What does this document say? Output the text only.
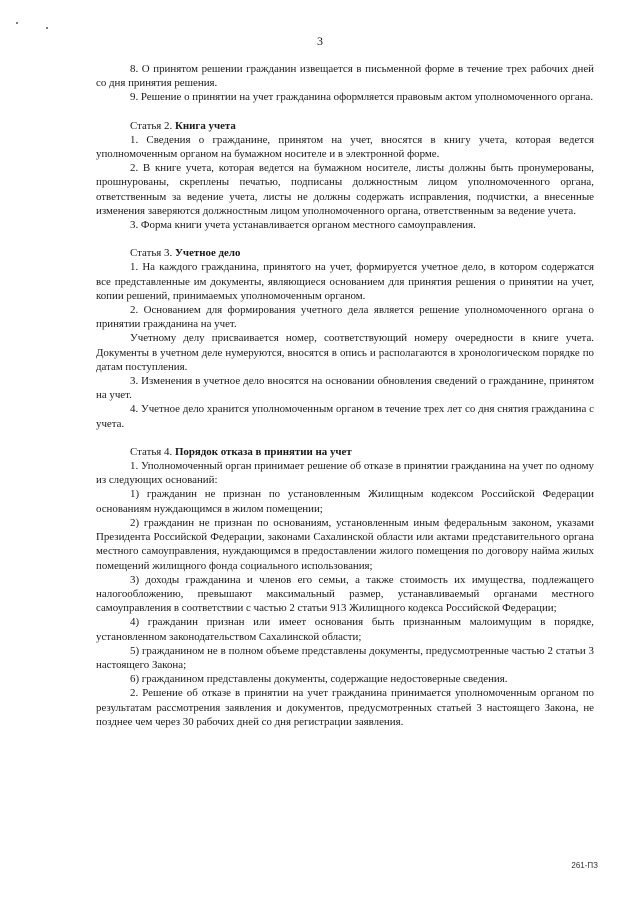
3

8. О принятом решении гражданин извещается в письменной форме в течение трех рабочих дней со дня принятия решения.

9. Решение о принятии на учет гражданина оформляется правовым актом уполномоченного органа.

Статья 2. Книга учета

1. Сведения о гражданине, принятом на учет, вносятся в книгу учета, которая ведется уполномоченным органом на бумажном носителе и в электронной форме.

2. В книге учета, которая ведется на бумажном носителе, листы должны быть пронумерованы, прошнурованы, скреплены печатью, подписаны должностным лицом уполномоченного органа, ответственным за ведение учета, листы не должны содержать исправления, подчистки, а внесенные изменения заверяются должностным лицом уполномоченного органа, ответственным за ведение учета.

3. Форма книги учета устанавливается органом местного самоуправления.

Статья 3. Учетное дело

1. На каждого гражданина, принятого на учет, формируется учетное дело, в котором содержатся все представленные им документы, являющиеся основанием для принятия решения о принятии на учет, копии решений, принимаемых уполномоченным органом.

2. Основанием для формирования учетного дела является решение уполномоченного органа о принятии гражданина на учет.

Учетному делу присваивается номер, соответствующий номеру очередности в книге учета. Документы в учетном деле нумеруются, вносятся в опись и располагаются в хронологическом порядке по датам поступления.

3. Изменения в учетное дело вносятся на основании обновления сведений о гражданине, принятом на учет.

4. Учетное дело хранится уполномоченным органом в течение трех лет со дня снятия гражданина с учета.

Статья 4. Порядок отказа в принятии на учет

1. Уполномоченный орган принимает решение об отказе в принятии гражданина на учет по одному из следующих оснований:

1) гражданин не признан по установленным Жилищным кодексом Российской Федерации основаниям нуждающимся в жилом помещении;

2) гражданин не признан по основаниям, установленным иным федеральным законом, указами Президента Российской Федерации, законами Сахалинской области или актами представительного органа местного самоуправления, нуждающимся в предоставлении жилого помещения по договору найма жилых помещений жилищного фонда социального использования;

3) доходы гражданина и членов его семьи, а также стоимость их имущества, подлежащего налогообложению, превышают максимальный размер, устанавливаемый органами местного самоуправления в соответствии с частью 2 статьи 913 Жилищного кодекса Российской Федерации;

4) гражданин признан или имеет основания быть признанным малоимущим в порядке, установленном законодательством Сахалинской области;

5) гражданином не в полном объеме представлены документы, предусмотренные частью 2 статьи 3 настоящего Закона;

6) гражданином представлены документы, содержащие недостоверные сведения.

2. Решение об отказе в принятии на учет гражданина принимается уполномоченным органом по результатам рассмотрения заявления и документов, предусмотренных статьей 3 настоящего Закона, не позднее чем через 30 рабочих дней со дня регистрации заявления.

261-ПЗ
